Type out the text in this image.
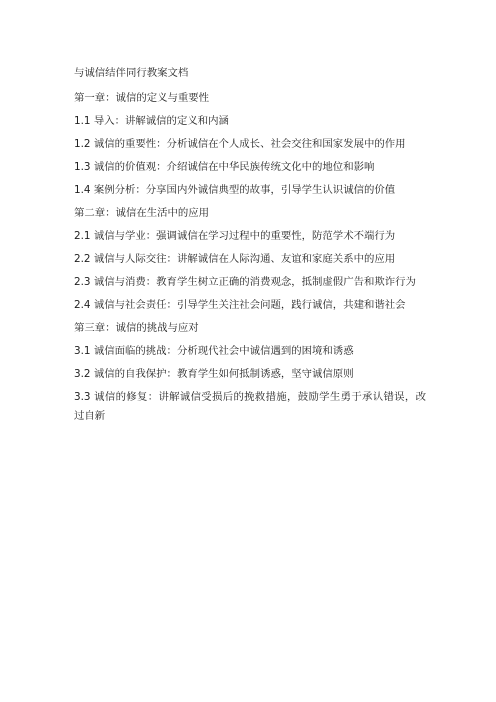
与诚信结伴同行教案文档
第一章：诚信的定义与重要性
1.1 导入：讲解诚信的定义和内涵
1.2 诚信的重要性：分析诚信在个人成长、社会交往和国家发展中的作用
1.3 诚信的价值观：介绍诚信在中华民族传统文化中的地位和影响
1.4 案例分析：分享国内外诚信典型的故事，引导学生认识诚信的价值
第二章：诚信在生活中的应用
2.1 诚信与学业：强调诚信在学习过程中的重要性，防范学术不端行为
2.2 诚信与人际交往：讲解诚信在人际沟通、友谊和家庭关系中的应用
2.3 诚信与消费：教育学生树立正确的消费观念，抵制虚假广告和欺诈行为
2.4 诚信与社会责任：引导学生关注社会问题，践行诚信，共建和谐社会
第三章：诚信的挑战与应对
3.1 诚信面临的挑战：分析现代社会中诚信遇到的困境和诱惑
3.2 诚信的自我保护：教育学生如何抵制诱惑，坚守诚信原则
3.3 诚信的修复：讲解诚信受损后的挽救措施，鼓励学生勇于承认错误，改过自新
